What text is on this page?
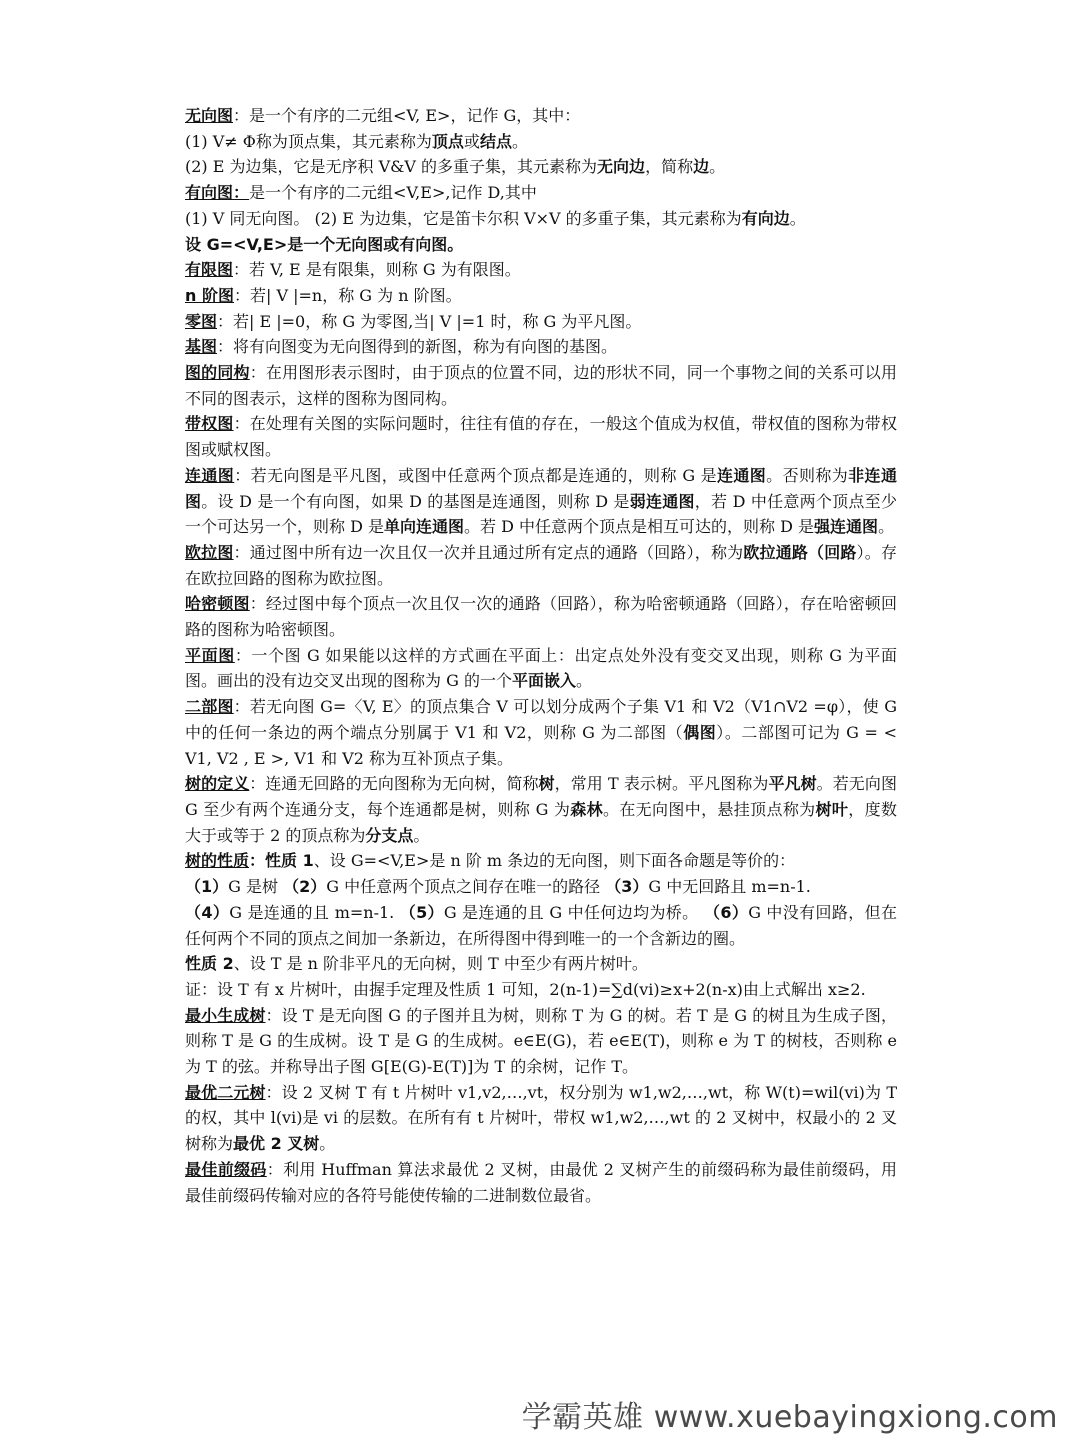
无向图：是一个有序的二元组<V, E>，记作 G，其中：
(1) V≠ Φ称为顶点集，其元素称为顶点或结点。
(2) E 为边集，它是无序积 V&V 的多重子集，其元素称为无向边，简称边。
有向图：是一个有序的二元组<V,E>,记作 D,其中
(1) V 同无向图。 (2) E 为边集，它是笛卡尔积 V×V 的多重子集，其元素称为有向边。
设 G=<V,E>是一个无向图或有向图。
有限图：若 V, E 是有限集，则称 G 为有限图。
n 阶图：若| V |=n，称 G 为 n 阶图。
零图：若| E |=0，称 G 为零图,当| V |=1 时，称 G 为平凡图。
基图：将有向图变为无向图得到的新图，称为有向图的基图。
图的同构：在用图形表示图时，由于顶点的位置不同，边的形状不同，同一个事物之间的关系可以用不同的图表示，这样的图称为图同构。
带权图：在处理有关图的实际问题时，往往有值的存在，一般这个值成为权值，带权值的图称为带权图或赋权图。
连通图：若无向图是平凡图，或图中任意两个顶点都是连通的，则称 G 是连通图。否则称为非连通图。设 D 是一个有向图，如果 D 的基图是连通图，则称 D 是弱连通图，若 D 中任意两个顶点至少一个可达另一个，则称 D 是单向连通图。若 D 中任意两个顶点是相互可达的，则称 D 是强连通图。
欧拉图：通过图中所有边一次且仅一次并且通过所有定点的通路（回路），称为欧拉通路（回路）。存在欧拉回路的图称为欧拉图。
哈密顿图：经过图中每个顶点一次且仅一次的通路（回路），称为哈密顿通路（回路），存在哈密顿回路的图称为哈密顿图。
平面图：一个图 G 如果能以这样的方式画在平面上：出定点处外没有变交叉出现，则称 G 为平面图。画出的没有边交叉出现的图称为 G 的一个平面嵌入。
二部图：若无向图 G=〈V, E〉的顶点集合 V 可以划分成两个子集 V1 和 V2（V1∩V2 =φ），使 G 中的任何一条边的两个端点分别属于 V1 和 V2，则称 G 为二部图（偶图）。二部图可记为 G = < V1, V2 , E >, V1 和 V2 称为互补顶点子集。
树的定义：连通无回路的无向图称为无向树，简称树，常用 T 表示树。平凡图称为平凡树。若无向图 G 至少有两个连通分支，每个连通都是树，则称 G 为森林。在无向图中，悬挂顶点称为树叶，度数大于或等于 2 的顶点称为分支点。
树的性质：性质 1、设 G=<V,E>是 n 阶 m 条边的无向图，则下面各命题是等价的：
（1）G 是树 （2）G 中任意两个顶点之间存在唯一的路径 （3）G 中无回路且 m=n-1.
（4）G 是连通的且 m=n-1. （5）G 是连通的且 G 中任何边均为桥。 （6）G 中没有回路，但在任何两个不同的顶点之间加一条新边，在所得图中得到唯一的一个含新边的圈。
性质 2、设 T 是 n 阶非平凡的无向树，则 T 中至少有两片树叶。
证：设 T 有 x 片树叶，由握手定理及性质 1 可知，2(n-1)=∑d(vi)≥x+2(n-x)由上式解出 x≥2.
最小生成树：设 T 是无向图 G 的子图并且为树，则称 T 为 G 的树。若 T 是 G 的树且为生成子图，则称 T 是 G 的生成树。设 T 是 G 的生成树。e∈E(G)，若 e∈E(T)，则称 e 为 T 的树枝，否则称 e 为 T 的弦。并称导出子图 G[E(G)-E(T)]为 T 的余树，记作 T。
最优二元树：设 2 叉树 T 有 t 片树叶 v1,v2,…,vt，权分别为 w1,w2,…,wt，称 W(t)=wil(vi)为 T 的权，其中 l(vi)是 vi 的层数。在所有有 t 片树叶，带权 w1,w2,…,wt 的 2 叉树中，权最小的 2 叉树称为最优 2 叉树。
最佳前缀码：利用 Huffman 算法求最优 2 叉树，由最优 2 叉树产生的前缀码称为最佳前缀码，用最佳前缀码传输对应的各符号能使传输的二进制数位最省。
学霸英雄 www.xuebayingxiong.com
